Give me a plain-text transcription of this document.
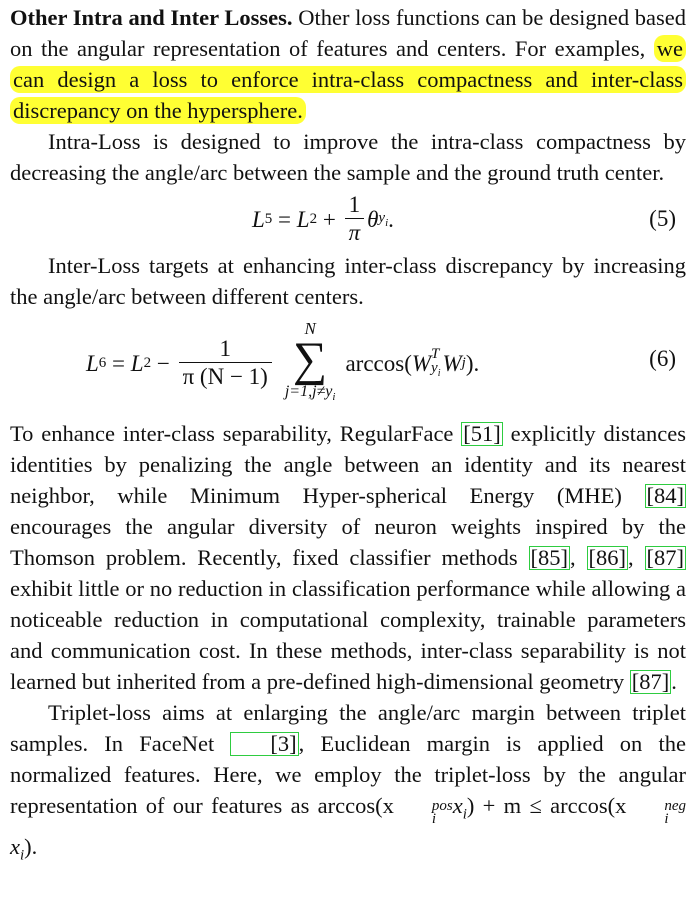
Other Intra and Inter Losses. Other loss functions can be designed based on the angular representation of features and centers. For examples, we can design a loss to enforce intra-class compactness and inter-class discrepancy on the hypersphere.

Intra-Loss is designed to improve the intra-class compactness by decreasing the angle/arc between the sample and the ground truth center.

L 5 = L $2 + \frac{1}{\pi}$ θ $y_i$ .	(5)

Inter-Loss targets at enhancing inter-class discrepancy by increasing the angle/arc between different centers.

L 6 = L $2 - \frac{1}{\pi (N - 1)}$
N
∑
$j=1,j\ne y_i$
arccos( W T
$y_i$ W j ).	(6)

To enhance inter-class separability, RegularFace [51] explicitly distances identities by penalizing the angle between an identity and its nearest neighbor, while Minimum Hyper-spherical Energy (MHE) [84] encourages the angular diversity of neuron weights inspired by the Thomson problem. Recently, fixed classifier methods [85], [86], [87] exhibit little or no reduction in classification performance while allowing a noticeable reduction in computational complexity, trainable parameters and communication cost. In these methods, inter-class separability is not learned but inherited from a pre-defined high-dimensional geometry [87].

Triplet-loss aims at enlarging the angle/arc margin between triplet samples. In FaceNet [3], Euclidean margin is applied on the normalized features. Here, we employ the triplet-loss by the angular representation of our features as arccos(x	pos
i
$x_i) + m \le \arccos(x$	neg
i
$x_i$).
